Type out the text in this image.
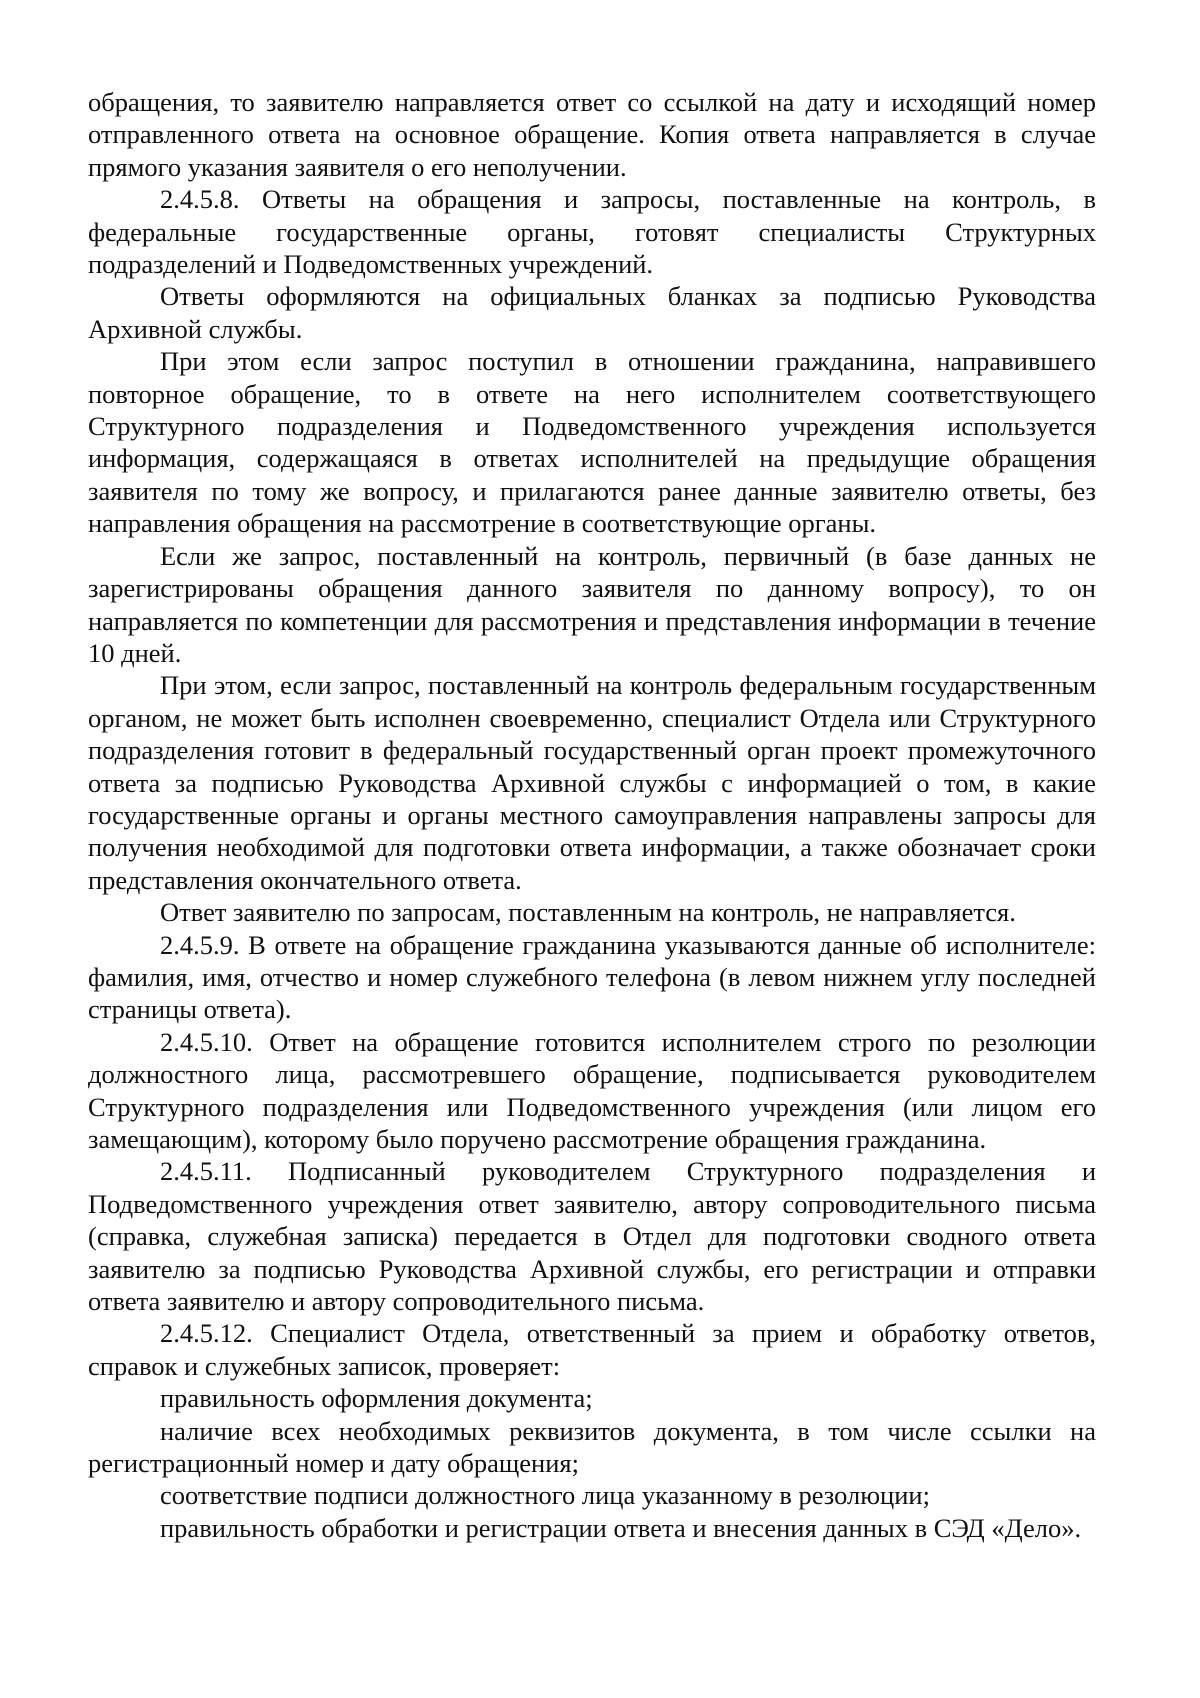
обращения, то заявителю направляется ответ со ссылкой на дату и исходящий номер отправленного ответа на основное обращение. Копия ответа направляется в случае прямого указания заявителя о его неполучении.

2.4.5.8. Ответы на обращения и запросы, поставленные на контроль, в федеральные государственные органы, готовят специалисты Структурных подразделений и Подведомственных учреждений.

Ответы оформляются на официальных бланках за подписью Руководства Архивной службы.

При этом если запрос поступил в отношении гражданина, направившего повторное обращение, то в ответе на него исполнителем соответствующего Структурного подразделения и Подведомственного учреждения используется информация, содержащаяся в ответах исполнителей на предыдущие обращения заявителя по тому же вопросу, и прилагаются ранее данные заявителю ответы, без направления обращения на рассмотрение в соответствующие органы.

Если же запрос, поставленный на контроль, первичный (в базе данных не зарегистрированы обращения данного заявителя по данному вопросу), то он направляется по компетенции для рассмотрения и представления информации в течение 10 дней.

При этом, если запрос, поставленный на контроль федеральным государственным органом, не может быть исполнен своевременно, специалист Отдела или Структурного подразделения готовит в федеральный государственный орган проект промежуточного ответа за подписью Руководства Архивной службы с информацией о том, в какие государственные органы и органы местного самоуправления направлены запросы для получения необходимой для подготовки ответа информации, а также обозначает сроки представления окончательного ответа.

Ответ заявителю по запросам, поставленным на контроль, не направляется.

2.4.5.9. В ответе на обращение гражданина указываются данные об исполнителе: фамилия, имя, отчество и номер служебного телефона (в левом нижнем углу последней страницы ответа).

2.4.5.10. Ответ на обращение готовится исполнителем строго по резолюции должностного лица, рассмотревшего обращение, подписывается руководителем Структурного подразделения или Подведомственного учреждения (или лицом его замещающим), которому было поручено рассмотрение обращения гражданина.

2.4.5.11. Подписанный руководителем Структурного подразделения и Подведомственного учреждения ответ заявителю, автору сопроводительного письма (справка, служебная записка) передается в Отдел для подготовки сводного ответа заявителю за подписью Руководства Архивной службы, его регистрации и отправки ответа заявителю и автору сопроводительного письма.

2.4.5.12. Специалист Отдела, ответственный за прием и обработку ответов, справок и служебных записок, проверяет:

правильность оформления документа;

наличие всех необходимых реквизитов документа, в том числе ссылки на регистрационный номер и дату обращения;

соответствие подписи должностного лица указанному в резолюции;

правильность обработки и регистрации ответа и внесения данных в СЭД «Дело».
